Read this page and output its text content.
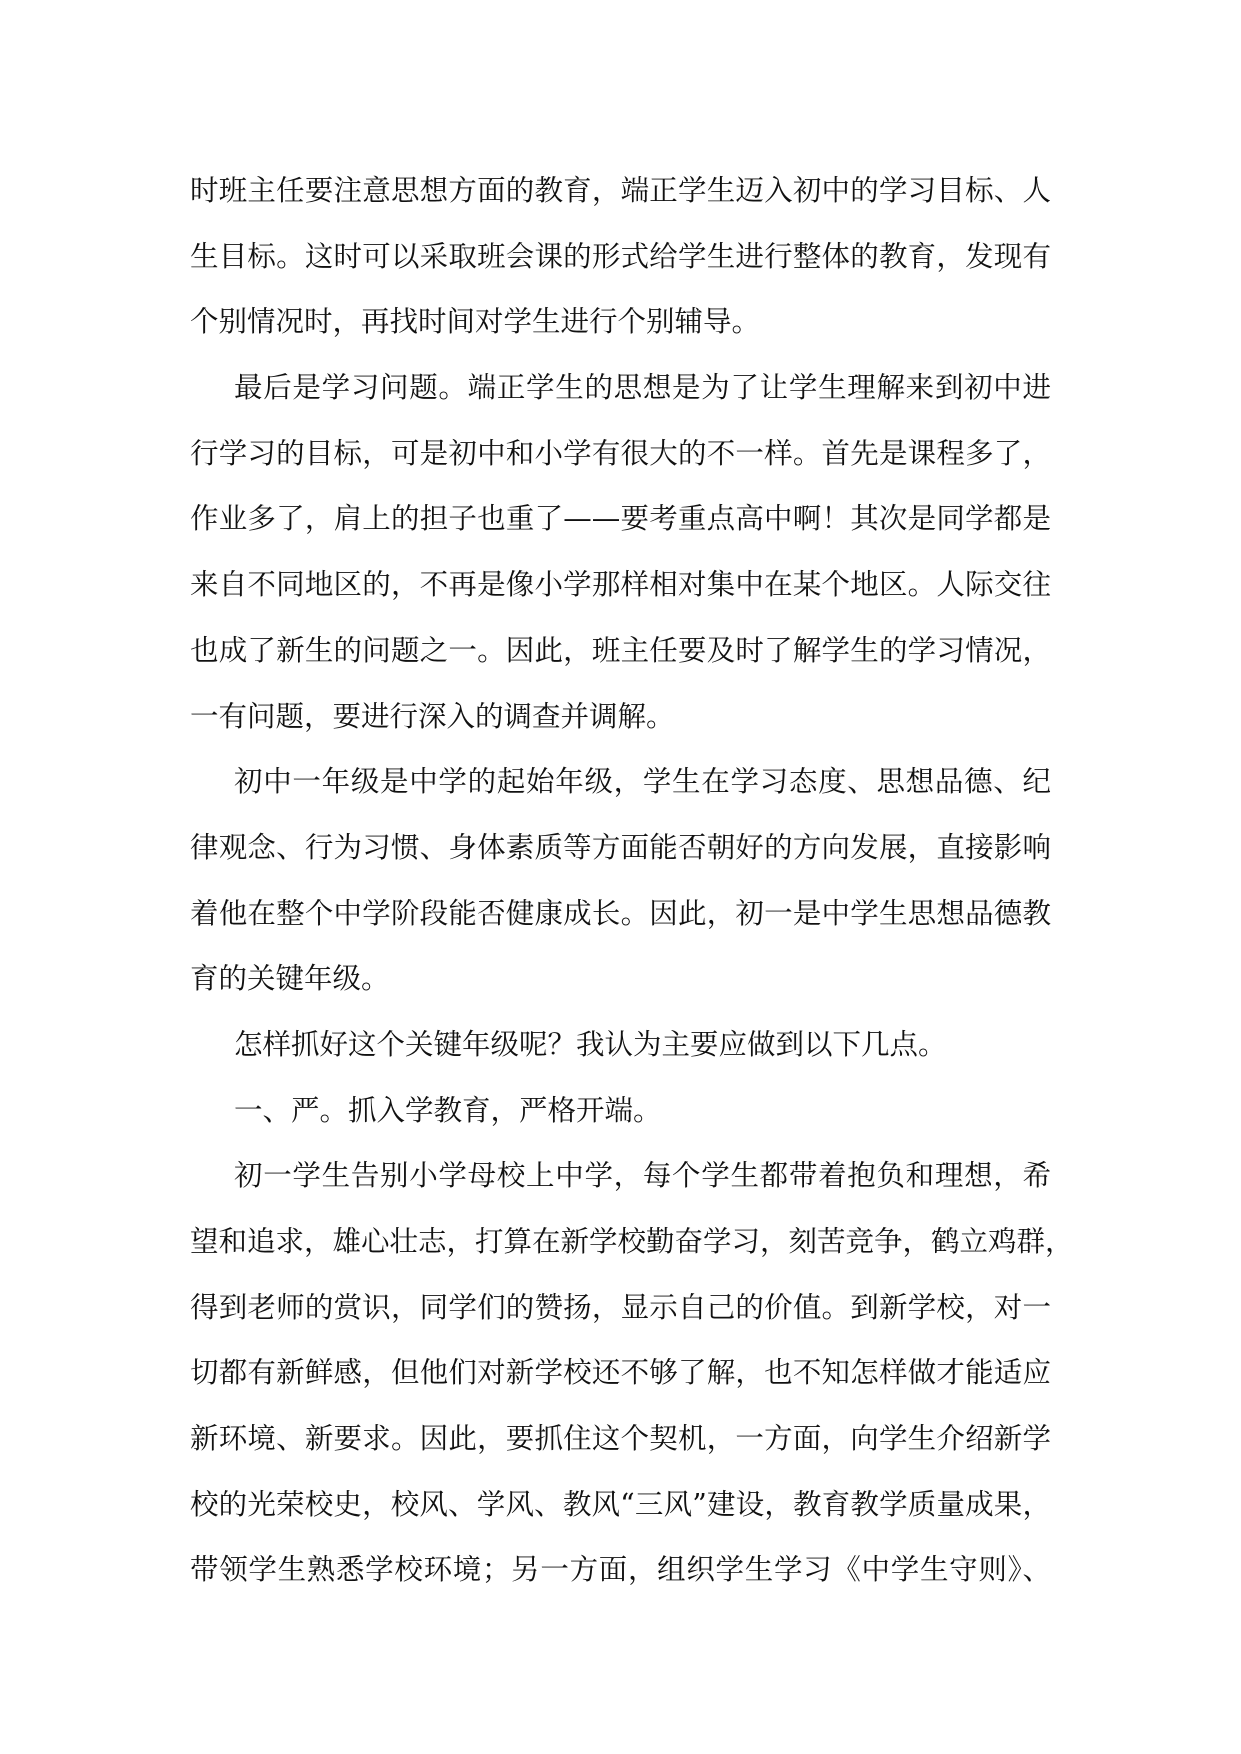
时班主任要注意思想方面的教育，端正学生迈入初中的学习目标、人
生目标。这时可以采取班会课的形式给学生进行整体的教育，发现有
个别情况时，再找时间对学生进行个别辅导。
最后是学习问题。端正学生的思想是为了让学生理解来到初中进
行学习的目标，可是初中和小学有很大的不一样。首先是课程多了，
作业多了，肩上的担子也重了——要考重点高中啊！其次是同学都是
来自不同地区的，不再是像小学那样相对集中在某个地区。人际交往
也成了新生的问题之一。因此，班主任要及时了解学生的学习情况，
一有问题，要进行深入的调查并调解。
初中一年级是中学的起始年级，学生在学习态度、思想品德、纪
律观念、行为习惯、身体素质等方面能否朝好的方向发展，直接影响
着他在整个中学阶段能否健康成长。因此，初一是中学生思想品德教
育的关键年级。
怎样抓好这个关键年级呢？我认为主要应做到以下几点。
一、严。抓入学教育，严格开端。
初一学生告别小学母校上中学，每个学生都带着抱负和理想，希
望和追求，雄心壮志，打算在新学校勤奋学习，刻苦竞争，鹤立鸡群，
得到老师的赏识，同学们的赞扬，显示自己的价值。到新学校，对一
切都有新鲜感，但他们对新学校还不够了解，也不知怎样做才能适应
新环境、新要求。因此，要抓住这个契机，一方面，向学生介绍新学
校的光荣校史，校风、学风、教风“三风”建设，教育教学质量成果，
带领学生熟悉学校环境；另一方面，组织学生学习《中学生守则》、
